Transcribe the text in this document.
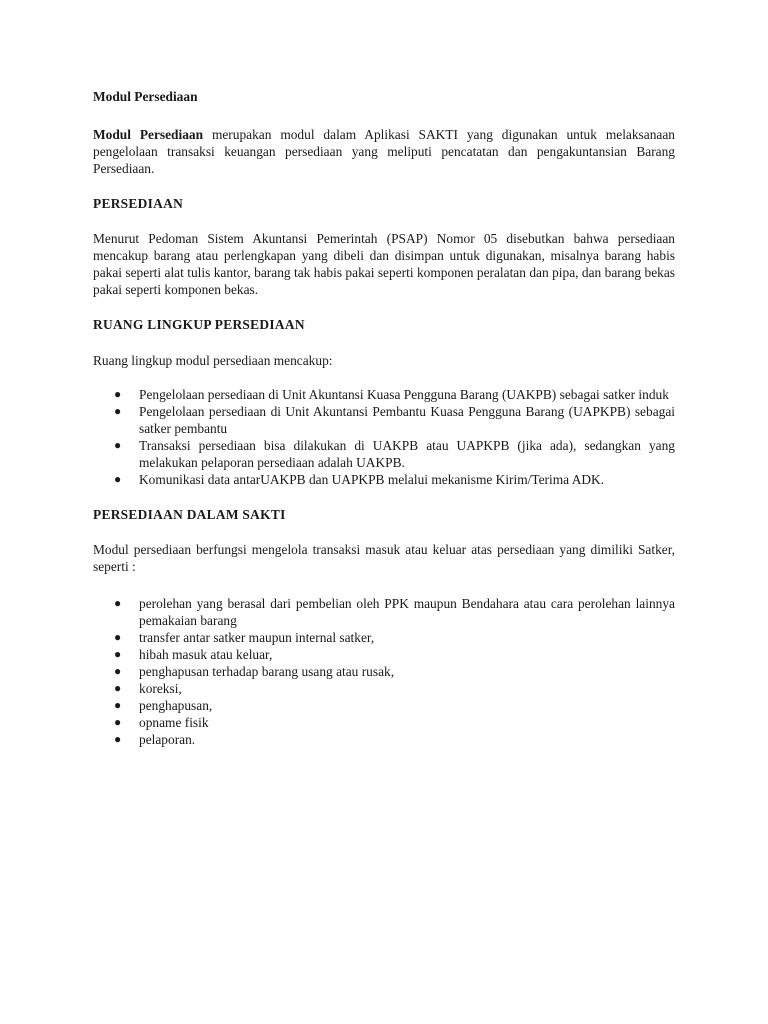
Modul Persediaan

Modul Persediaan merupakan modul dalam Aplikasi SAKTI yang digunakan untuk melaksanaan pengelolaan transaksi keuangan persediaan yang meliputi pencatatan dan pengakuntansian Barang Persediaan.

PERSEDIAAN

Menurut Pedoman Sistem Akuntansi Pemerintah (PSAP) Nomor 05 disebutkan bahwa persediaan mencakup barang atau perlengkapan yang dibeli dan disimpan untuk digunakan, misalnya barang habis pakai seperti alat tulis kantor, barang tak habis pakai seperti komponen peralatan dan pipa, dan barang bekas pakai seperti komponen bekas.

RUANG LINGKUP PERSEDIAAN

Ruang lingkup modul persediaan mencakup:

● Pengelolaan persediaan di Unit Akuntansi Kuasa Pengguna Barang (UAKPB) sebagai satker induk
● Pengelolaan persediaan di Unit Akuntansi Pembantu Kuasa Pengguna Barang (UAPKPB) sebagai satker pembantu
● Transaksi persediaan bisa dilakukan di UAKPB atau UAPKPB (jika ada), sedangkan yang melakukan pelaporan persediaan adalah UAKPB.
● Komunikasi data antarUAKPB dan UAPKPB melalui mekanisme Kirim/Terima ADK.

PERSEDIAAN DALAM SAKTI

Modul persediaan berfungsi mengelola transaksi masuk atau keluar atas persediaan yang dimiliki Satker, seperti :

● perolehan yang berasal dari pembelian oleh PPK maupun Bendahara atau cara perolehan lainnya pemakaian barang
● transfer antar satker maupun internal satker,
● hibah masuk atau keluar,
● penghapusan terhadap barang usang atau rusak,
● koreksi,
● penghapusan,
● opname fisik
● pelaporan.
